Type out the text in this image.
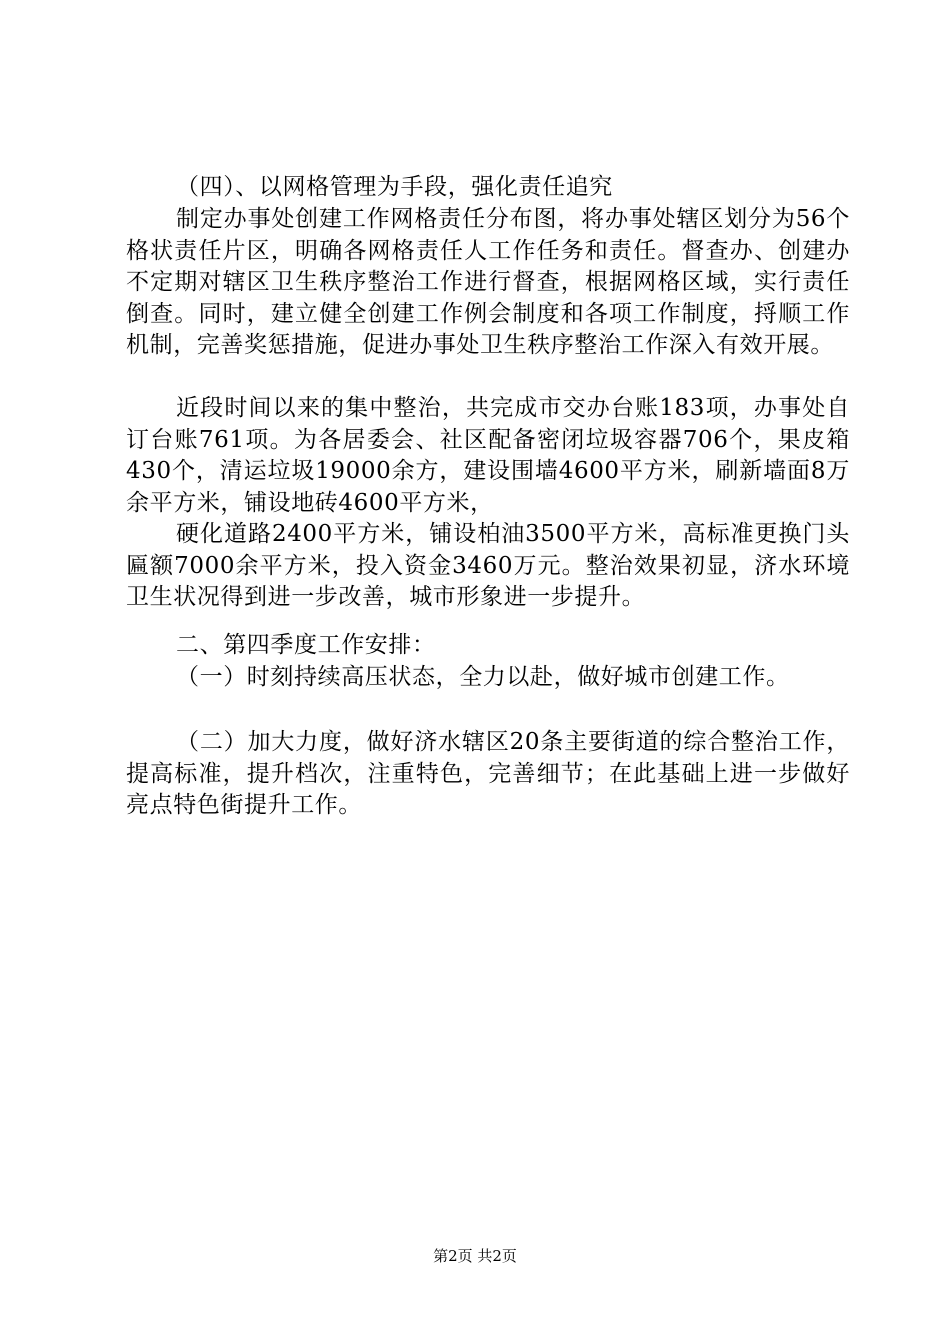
（四）、以网格管理为手段，强化责任追究

制定办事处创建工作网格责任分布图，将办事处辖区划分为56个格状责任片区，明确各网格责任人工作任务和责任。督查办、创建办不定期对辖区卫生秩序整治工作进行督查，根据网格区域，实行责任倒查。同时，建立健全创建工作例会制度和各项工作制度，捋顺工作机制，完善奖惩措施，促进办事处卫生秩序整治工作深入有效开展。

近段时间以来的集中整治，共完成市交办台账183项，办事处自订台账761项。为各居委会、社区配备密闭垃圾容器706个，果皮箱430个，清运垃圾19000余方，建设围墙4600平方米，刷新墙面8万余平方米，铺设地砖4600平方米，

硬化道路2400平方米，铺设柏油3500平方米，高标准更换门头匾额7000余平方米，投入资金3460万元。整治效果初显，济水环境卫生状况得到进一步改善，城市形象进一步提升。

二、第四季度工作安排：

（一）时刻持续高压状态，全力以赴，做好城市创建工作。

（二）加大力度，做好济水辖区20条主要街道的综合整治工作，提高标准，提升档次，注重特色，完善细节；在此基础上进一步做好亮点特色街提升工作。

第2页 共2页
